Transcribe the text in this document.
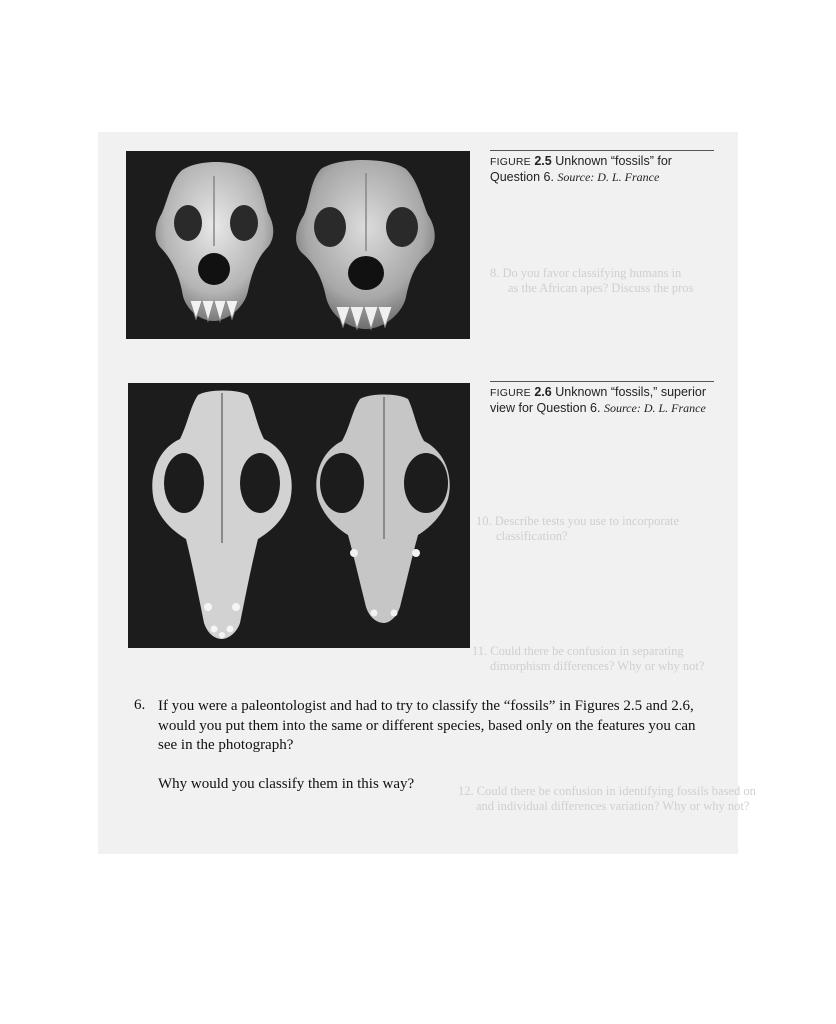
8. Do you favor classifying humans in
as the African apes? Discuss the pros
10. Describe tests you use to incorporate
classification?
11. Could there be confusion in separating
dimorphism differences? Why or why not?
12. Could there be confusion in identifying fossils based on
and individual differences variation? Why or why not?
FIGURE 2.5 Unknown “fossils” for
Question 6. Source: D. L. France
FIGURE 2.6 Unknown “fossils,” superior
view for Question 6. Source: D. L. France
6. If you were a paleontologist and had to try to classify the “fossils” in Figures 2.5 and 2.6, would you put them into the same or different species, based only on the features you can see in the photograph?
Why would you classify them in this way?
